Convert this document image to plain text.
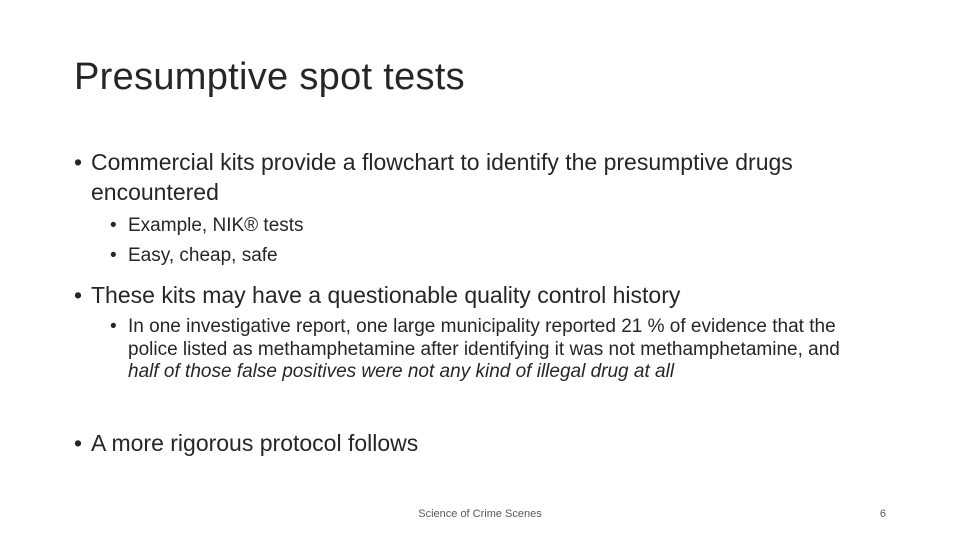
Presumptive spot tests
• Commercial kits provide a flowchart to identify the presumptive drugs encountered
• Example, NIK® tests
• Easy, cheap, safe
• These kits may have a questionable quality control history
• In one investigative report, one large municipality reported 21 % of evidence that the police listed as methamphetamine after identifying it was not methamphetamine, and half of those false positives were not any kind of illegal drug at all
• A more rigorous protocol follows
Science of Crime Scenes	6
